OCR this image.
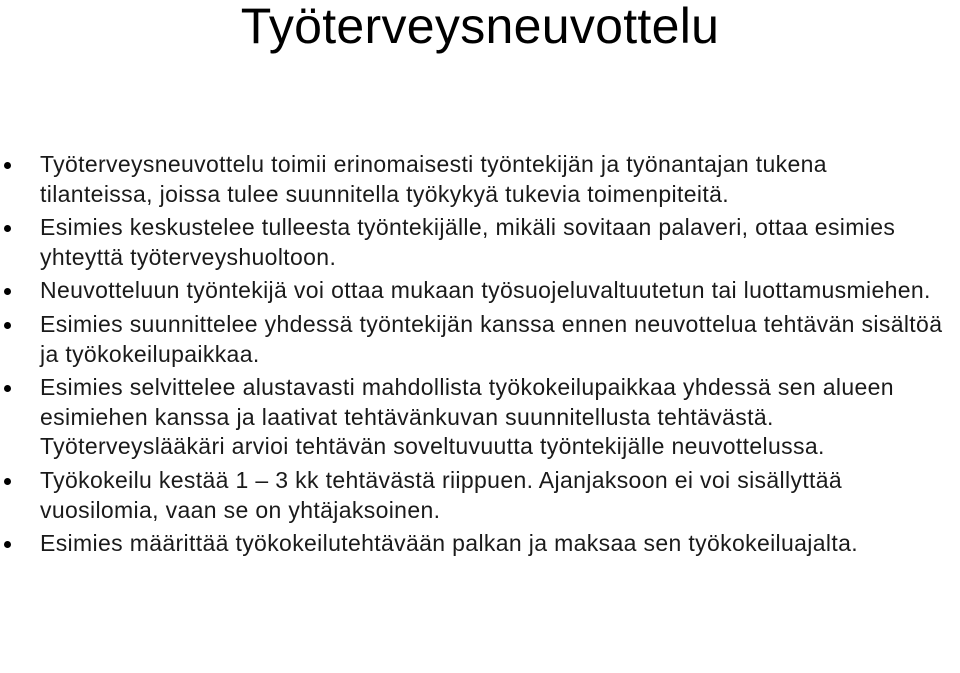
Työterveysneuvottelu
Työterveysneuvottelu toimii erinomaisesti työntekijän ja työnantajan tukena tilanteissa, joissa tulee suunnitella työkykyä tukevia toimenpiteitä.
Esimies keskustelee tulleesta työntekijälle, mikäli sovitaan palaveri, ottaa esimies yhteyttä työterveyshuoltoon.
Neuvotteluun työntekijä voi ottaa mukaan työsuojeluvaltuutetun tai luottamusmiehen.
Esimies suunnittelee yhdessä työntekijän kanssa ennen neuvottelua tehtävän sisältöä ja työkokeilupaikkaa.
Esimies selvittelee alustavasti mahdollista työkokeilupaikkaa yhdessä sen alueen esimiehen kanssa ja laativat tehtävänkuvan suunnitellusta tehtävästä. Työterveyslääkäri arvioi tehtävän soveltuvuutta työntekijälle neuvottelussa.
Työkokeilu kestää 1 – 3 kk tehtävästä riippuen. Ajanjaksoon ei voi sisällyttää vuosilomia, vaan se on yhtäjaksoinen.
Esimies määrittää työkokeilutehtävään palkan ja maksaa sen työkokeiluajalta.
